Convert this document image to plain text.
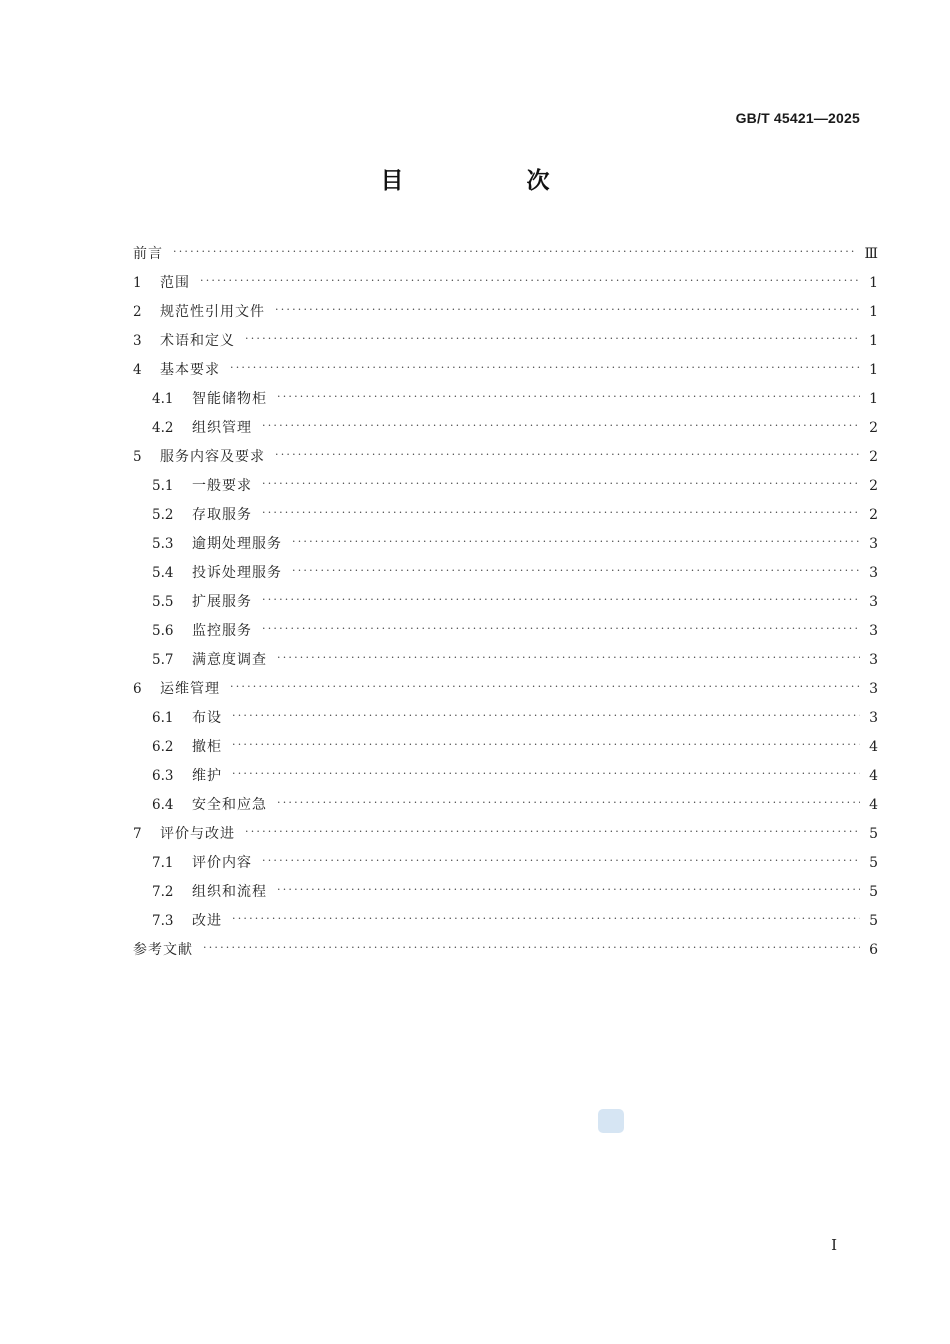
GB/T 45421—2025
目　次
前言 ·····	Ⅲ
1	范围 ·····	1
2	规范性引用文件 ·····	1
3	术语和定义 ·····	1
4	基本要求 ·····	1
4.1	智能储物柜 ·····	1
4.2	组织管理 ·····	2
5	服务内容及要求 ·····	2
5.1	一般要求 ·····	2
5.2	存取服务 ·····	2
5.3	逾期处理服务 ·····	3
5.4	投诉处理服务 ·····	3
5.5	扩展服务 ·····	3
5.6	监控服务 ·····	3
5.7	满意度调查 ·····	3
6	运维管理 ·····	3
6.1	布设 ·····	3
6.2	撤柜 ·····	4
6.3	维护 ·····	4
6.4	安全和应急 ·····	4
7	评价与改进 ·····	5
7.1	评价内容 ·····	5
7.2	组织和流程 ·····	5
7.3	改进 ·····	5
参考文献 ·····	6
Ⅰ
